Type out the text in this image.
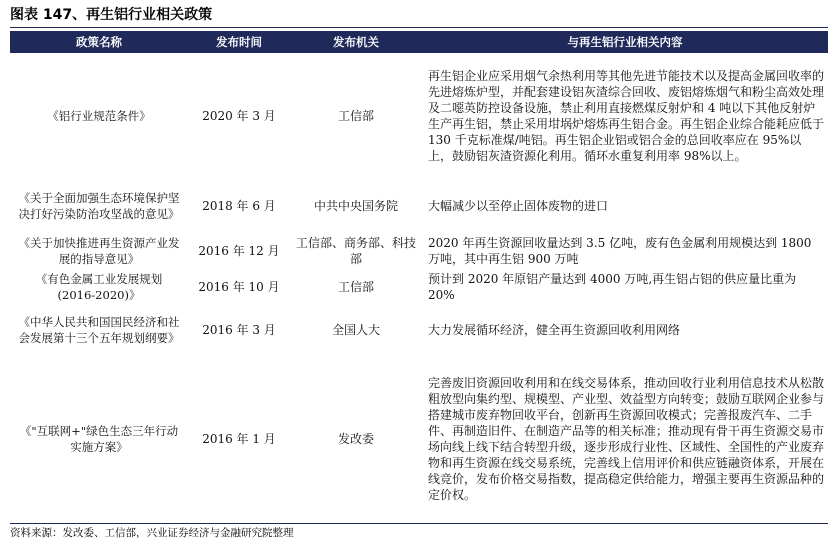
图表 147、再生铝行业相关政策
政策名称	发布时间	发布机关	与再生铝行业相关内容
《铝行业规范条件》	2020 年 3 月	工信部	再生铝企业应采用烟气余热利用等其他先进节能技术以及提高金属回收率的先进熔炼炉型，并配套建设铝灰渣综合回收、废铝熔炼烟气和粉尘高效处理及二噁英防控设备设施，禁止利用直接燃煤反射炉和 4 吨以下其他反射炉生产再生铝，禁止采用坩埚炉熔炼再生铝合金。再生铝企业综合能耗应低于 130 千克标准煤/吨铝。再生铝企业铝或铝合金的总回收率应在 95%以上，鼓励铝灰渣资源化利用。循环水重复利用率 98%以上。
《关于全面加强生态环境保护坚决打好污染防治攻坚战的意见》	2018 年 6 月	中共中央国务院	大幅减少以至停止固体废物的进口
《关于加快推进再生资源产业发展的指导意见》	2016 年 12 月	工信部、商务部、科技部	2020 年再生资源回收量达到 3.5 亿吨，废有色金属利用规模达到 1800 万吨，其中再生铝 900 万吨
《有色金属工业发展规划 (2016-2020)》	2016 年 10 月	工信部	预计到 2020 年原铝产量达到 4000 万吨,再生铝占铝的供应量比重为 20%
《中华人民共和国国民经济和社会发展第十三个五年规划纲要》	2016 年 3 月	全国人大	大力发展循环经济，健全再生资源回收利用网络
《"互联网+"绿色生态三年行动实施方案》	2016 年 1 月	发改委	完善废旧资源回收利用和在线交易体系，推动回收行业利用信息技术从松散粗放型向集约型、规模型、产业型、效益型方向转变；鼓励互联网企业参与搭建城市废弃物回收平台，创新再生资源回收模式；完善报废汽车、二手件、再制造旧件、在制造产品等的相关标准；推动现有骨干再生资源交易市场向线上线下结合转型升级，逐步形成行业性、区域性、全国性的产业废弃物和再生资源在线交易系统，完善线上信用评价和供应链融资体系，开展在线竞价，发布价格交易指数，提高稳定供给能力，增强主要再生资源品种的定价权。
资料来源：发改委、工信部，兴业证券经济与金融研究院整理
